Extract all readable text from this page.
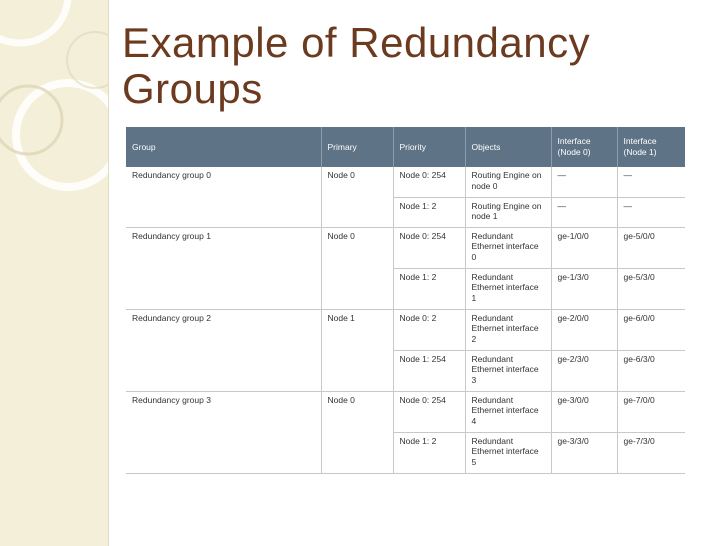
Example of Redundancy Groups
Group	Primary	Priority	Objects	Interface (Node 0)	Interface (Node 1)
Redundancy group 0	Node 0	Node 0: 254	Routing Engine on node 0	—	—
		Node 1: 2	Routing Engine on node 1	—	—
Redundancy group 1	Node 0	Node 0: 254	Redundant Ethernet interface 0	ge-1/0/0	ge-5/0/0
		Node 1: 2	Redundant Ethernet interface 1	ge-1/3/0	ge-5/3/0
Redundancy group 2	Node 1	Node 0: 2	Redundant Ethernet interface 2	ge-2/0/0	ge-6/0/0
		Node 1: 254	Redundant Ethernet interface 3	ge-2/3/0	ge-6/3/0
Redundancy group 3	Node 0	Node 0: 254	Redundant Ethernet interface 4	ge-3/0/0	ge-7/0/0
		Node 1: 2	Redundant Ethernet interface 5	ge-3/3/0	ge-7/3/0
